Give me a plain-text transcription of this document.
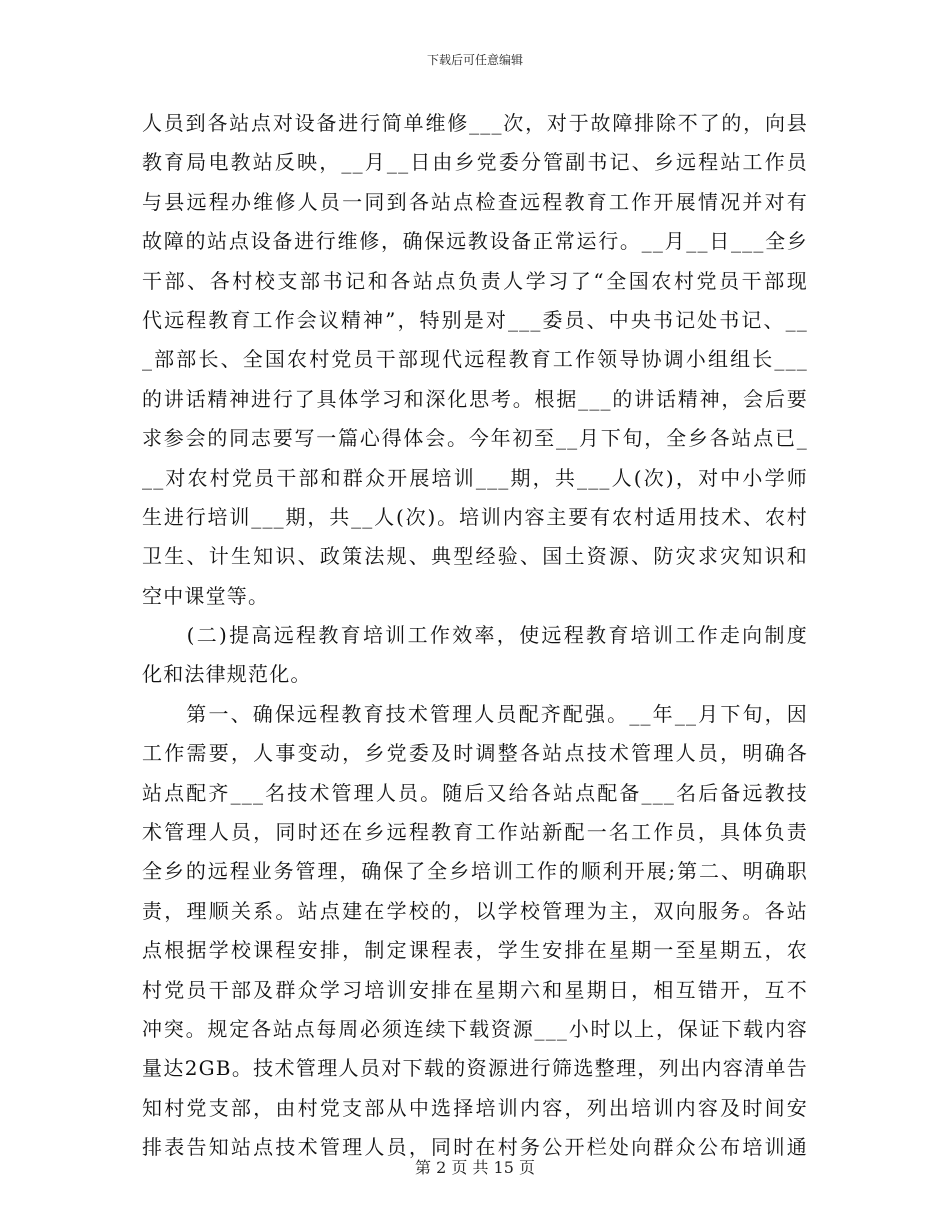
下载后可任意编辑
人员到各站点对设备进行简单维修___次，对于故障排除不了的，向县
教育局电教站反映，__月__日由乡党委分管副书记、乡远程站工作员
与县远程办维修人员一同到各站点检查远程教育工作开展情况并对有
故障的站点设备进行维修，确保远教设备正常运行。__月__日___全乡
干部、各村校支部书记和各站点负责人学习了“全国农村党员干部现
代远程教育工作会议精神”，特别是对___委员、中央书记处书记、__
_部部长、全国农村党员干部现代远程教育工作领导协调小组组长___
的讲话精神进行了具体学习和深化思考。根据___的讲话精神，会后要
求参会的同志要写一篇心得体会。今年初至__月下旬，全乡各站点已_
__对农村党员干部和群众开展培训___期，共___人(次)，对中小学师
生进行培训___期，共__人(次)。培训内容主要有农村适用技术、农村
卫生、计生知识、政策法规、典型经验、国土资源、防灾求灾知识和
空中课堂等。
　　(二)提高远程教育培训工作效率，使远程教育培训工作走向制度
化和法律规范化。
　　第一、确保远程教育技术管理人员配齐配强。__年__月下旬，因
工作需要，人事变动，乡党委及时调整各站点技术管理人员，明确各
站点配齐___名技术管理人员。随后又给各站点配备___名后备远教技
术管理人员，同时还在乡远程教育工作站新配一名工作员，具体负责
全乡的远程业务管理，确保了全乡培训工作的顺利开展;第二、明确职
责，理顺关系。站点建在学校的，以学校管理为主，双向服务。各站
点根据学校课程安排，制定课程表，学生安排在星期一至星期五，农
村党员干部及群众学习培训安排在星期六和星期日，相互错开，互不
冲突。规定各站点每周必须连续下载资源___小时以上，保证下载内容
量达2GB。技术管理人员对下载的资源进行筛选整理，列出内容清单告
知村党支部，由村党支部从中选择培训内容，列出培训内容及时间安
排表告知站点技术管理人员，同时在村务公开栏处向群众公布培训通
第 2 页 共 15 页
